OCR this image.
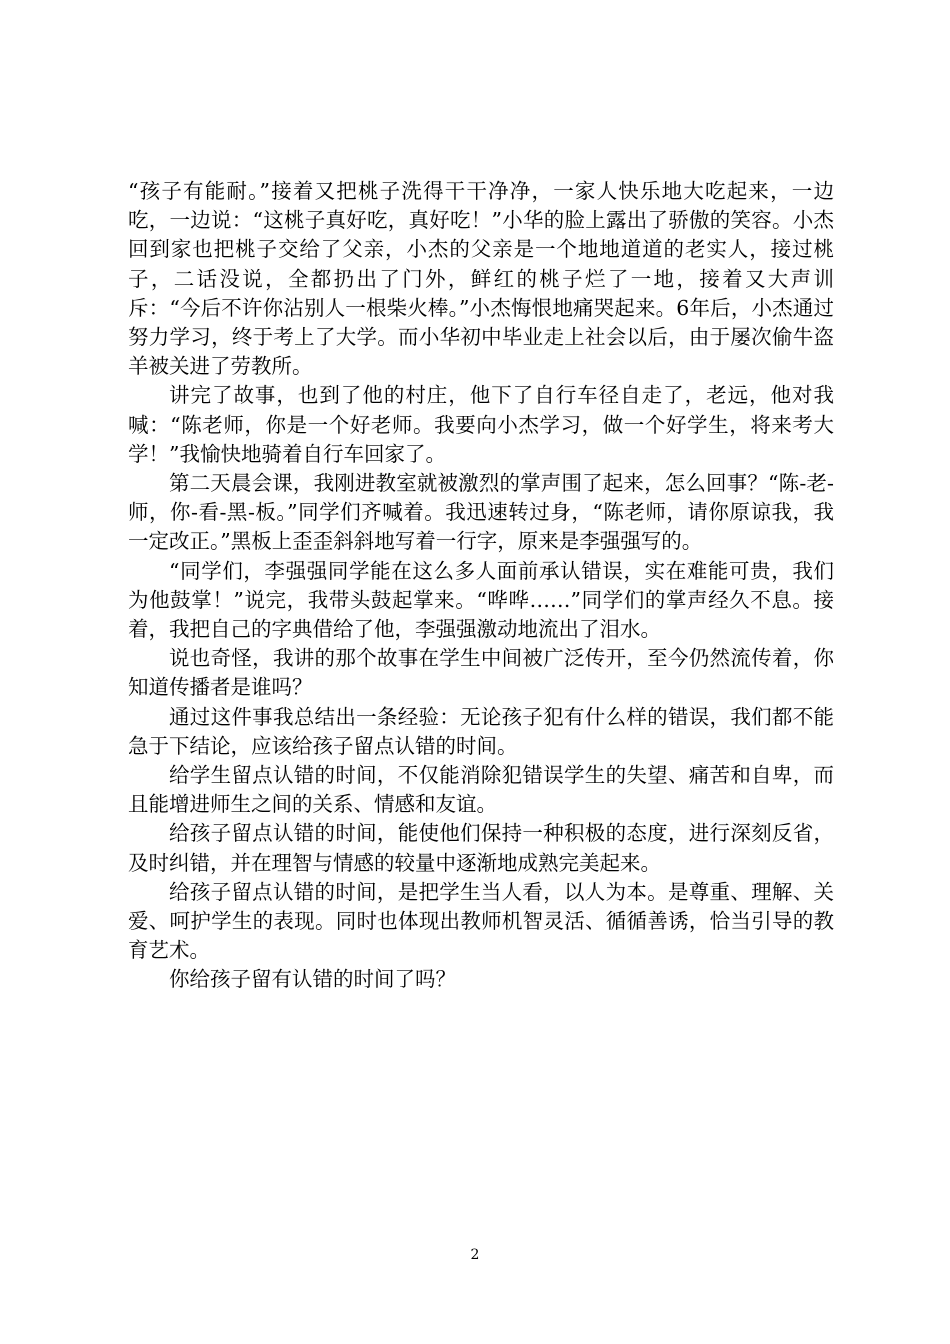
“孩子有能耐。”接着又把桃子洗得干干净净，一家人快乐地大吃起来，一边吃，一边说：“这桃子真好吃，真好吃！”小华的脸上露出了骄傲的笑容。小杰回到家也把桃子交给了父亲，小杰的父亲是一个地地道道的老实人，接过桃子，二话没说，全都扔出了门外，鲜红的桃子烂了一地，接着又大声训斥：“今后不许你沾别人一根柴火棒。”小杰悔恨地痛哭起来。6年后，小杰通过努力学习，终于考上了大学。而小华初中毕业走上社会以后，由于屡次偷牛盗羊被关进了劳教所。

讲完了故事，也到了他的村庄，他下了自行车径自走了，老远，他对我喊：“陈老师，你是一个好老师。我要向小杰学习，做一个好学生，将来考大学！”我愉快地骑着自行车回家了。

第二天晨会课，我刚进教室就被激烈的掌声围了起来，怎么回事？“陈-老-师，你-看-黑-板。”同学们齐喊着。我迅速转过身，“陈老师，请你原谅我，我一定改正。”黑板上歪歪斜斜地写着一行字，原来是李强强写的。

“同学们，李强强同学能在这么多人面前承认错误，实在难能可贵，我们为他鼓掌！”说完，我带头鼓起掌来。“哗哗……”同学们的掌声经久不息。接着，我把自己的字典借给了他，李强强激动地流出了泪水。

说也奇怪，我讲的那个故事在学生中间被广泛传开，至今仍然流传着，你知道传播者是谁吗？

通过这件事我总结出一条经验：无论孩子犯有什么样的错误，我们都不能急于下结论，应该给孩子留点认错的时间。

给学生留点认错的时间，不仅能消除犯错误学生的失望、痛苦和自卑，而且能增进师生之间的关系、情感和友谊。

给孩子留点认错的时间，能使他们保持一种积极的态度，进行深刻反省，及时纠错，并在理智与情感的较量中逐渐地成熟完美起来。

给孩子留点认错的时间，是把学生当人看，以人为本。是尊重、理解、关爱、呵护学生的表现。同时也体现出教师机智灵活、循循善诱，恰当引导的教育艺术。

你给孩子留有认错的时间了吗？

2
